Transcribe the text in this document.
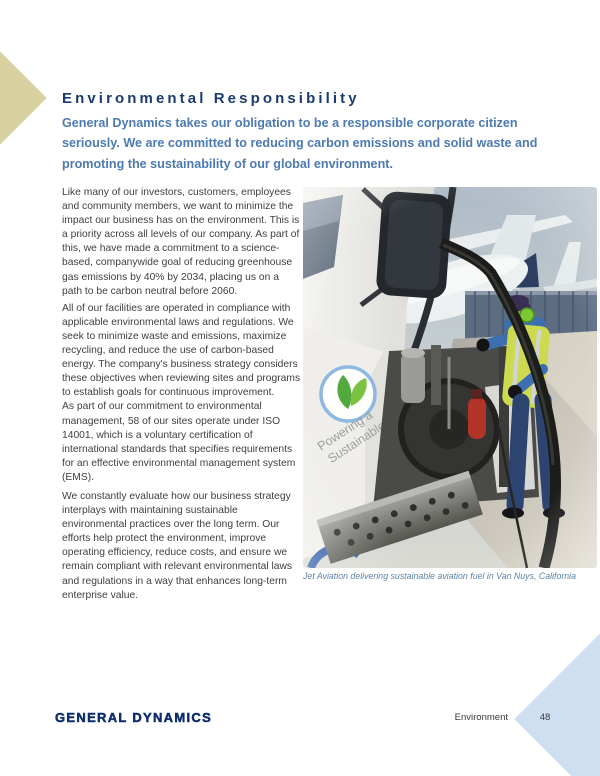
Environmental Responsibility
General Dynamics takes our obligation to be a responsible corporate citizen seriously. We are committed to reducing carbon emissions and solid waste and promoting the sustainability of our global environment.

Like many of our investors, customers, employees and community members, we want to minimize the impact our business has on the environment. This is a priority across all levels of our company. As part of this, we have made a commitment to a science-based, companywide goal of reducing greenhouse gas emissions by 40% by 2034, placing us on a path to be carbon neutral before 2060.

All of our facilities are operated in compliance with applicable environmental laws and regulations. We seek to minimize waste and emissions, maximize recycling, and reduce the use of carbon-based energy. The company's business strategy considers these objectives when reviewing sites and programs to establish goals for continuous improvement.

As part of our commitment to environmental management, 58 of our sites operate under ISO 14001, which is a voluntary certification of international standards that specifies requirements for an effective environmental management system (EMS).

We constantly evaluate how our business strategy interplays with maintaining sustainable environmental practices over the long term. Our efforts help protect the environment, improve operating efficiency, reduce costs, and ensure we remain compliant with relevant environmental laws and regulations in a way that enhances long-term enterprise value.

Jet Aviation delivering sustainable aviation fuel in Van Nuys, California
GENERAL DYNAMICS	Environment	48
